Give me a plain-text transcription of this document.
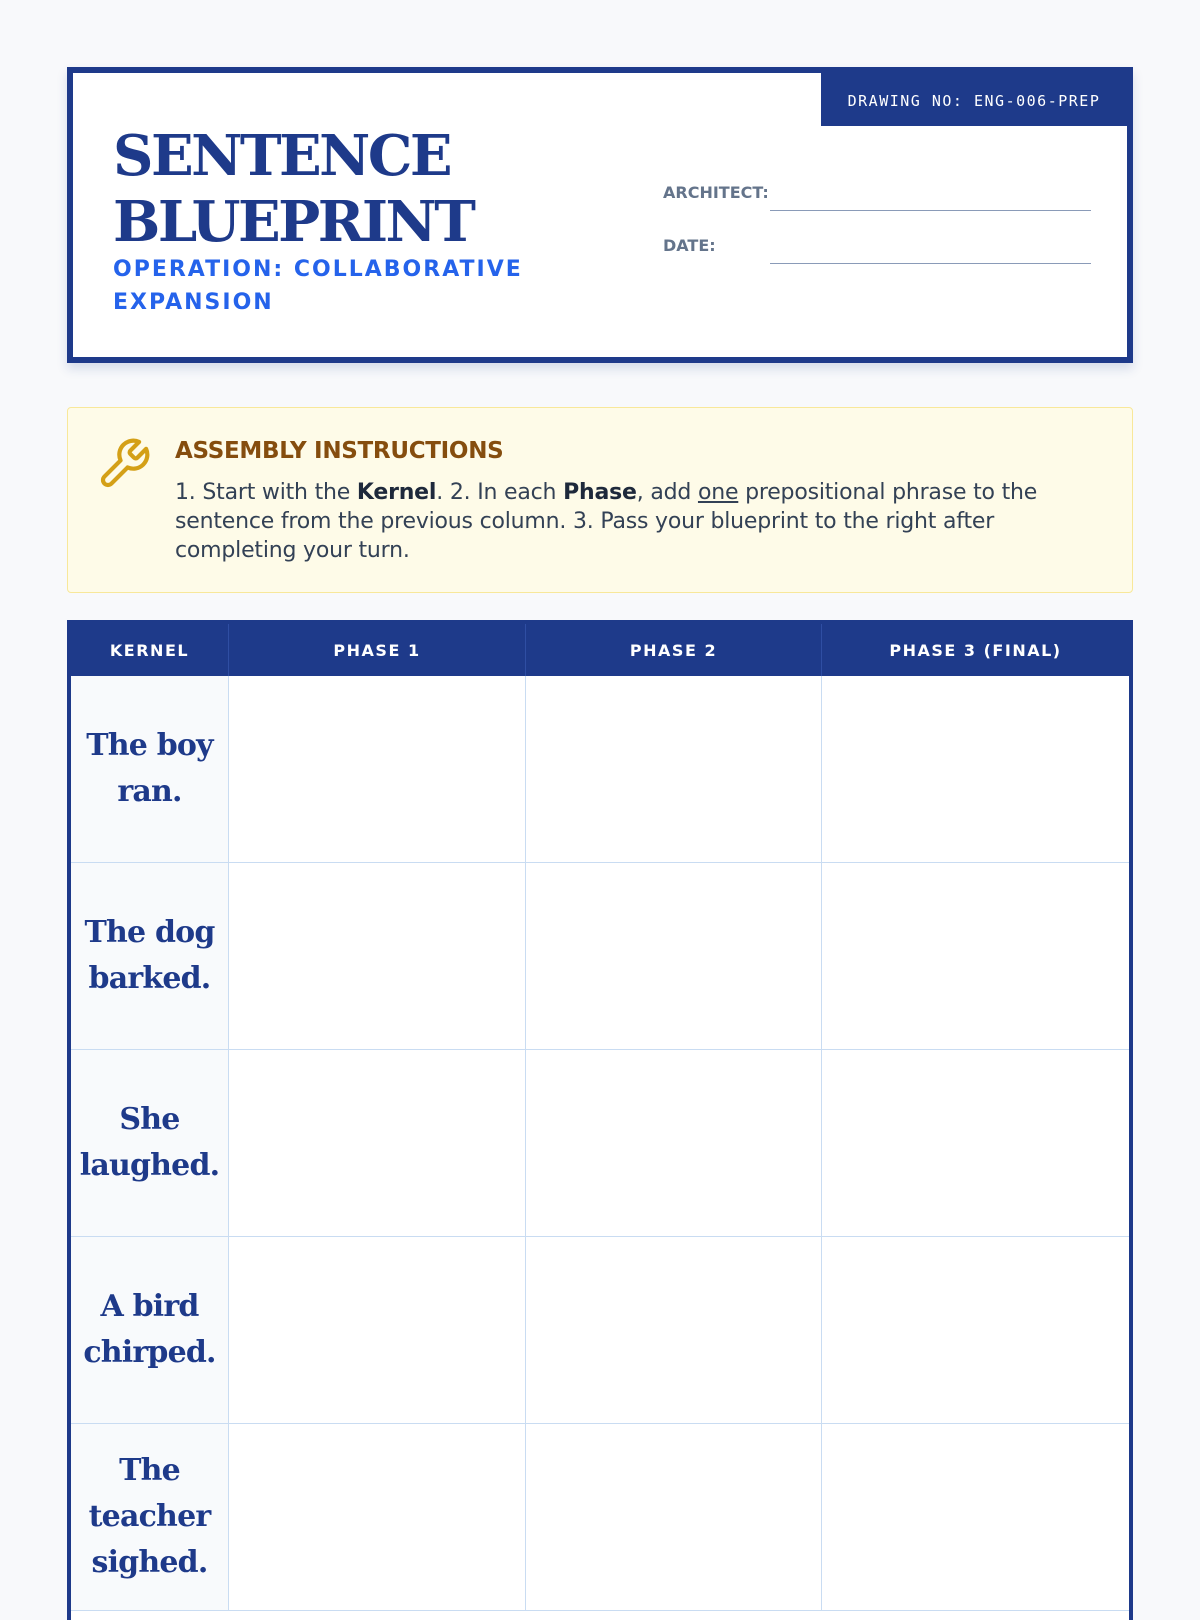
DRAWING NO: ENG-006-PREP
SENTENCE BLUEPRINT

OPERATION: COLLABORATIVE EXPANSION

ARCHITECT:
DATE:
ASSEMBLY INSTRUCTIONS
1. Start with the Kernel. 2. In each Phase, add one prepositional phrase to the sentence from the previous column. 3. Pass your blueprint to the right after completing your turn.
KERNEL	PHASE 1	PHASE 2	PHASE 3 (FINAL)
The boy ran.
The dog barked.
She laughed.
A bird chirped.
The teacher sighed.
